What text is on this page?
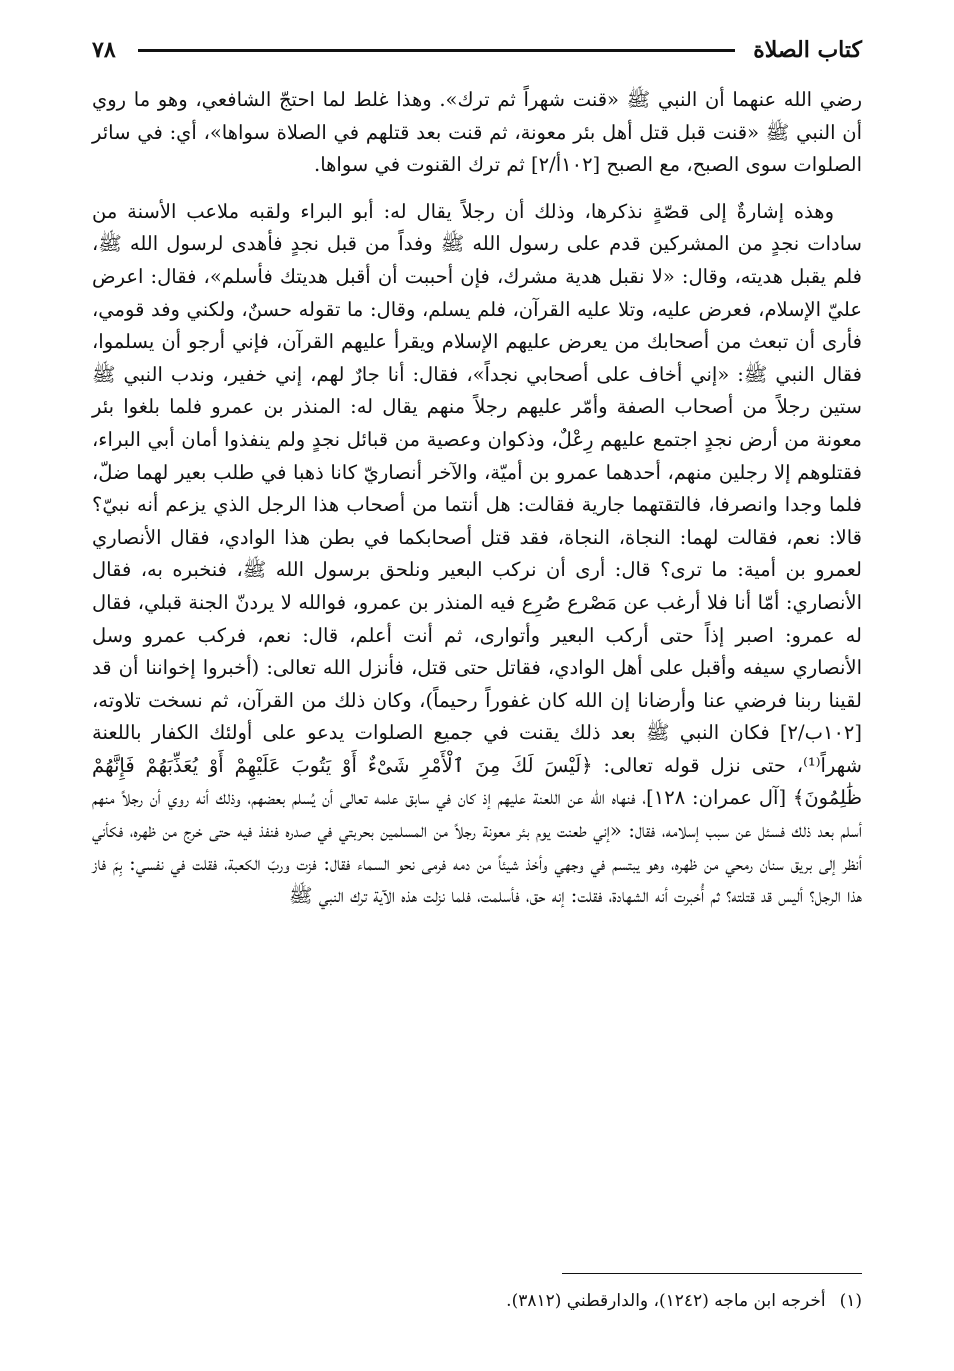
٧٨	كتاب الصلاة

رضي الله عنهما أن النبي ﷺ «قنت شهراً ثم ترك». وهذا غلط لما احتجّ الشافعي، وهو ما روي أن النبي ﷺ «قنت قبل قتل أهل بئر معونة، ثم قنت بعد قتلهم في الصلاة سواها»، أي: في سائر الصلوات سوى الصبح، مع الصبح [١٠٢أ/٢] ثم ترك القنوت في سواها.

وهذه إشارةٌ إلى قصّةٍ نذكرها، وذلك أن رجلاً يقال له: أبو البراء ولقبه ملاعب الأسنة من سادات نجدٍ من المشركين قدم على رسول الله ﷺ وفداً من قبل نجدٍ فأهدى لرسول الله ﷺ، فلم يقبل هديته، وقال: «لا نقبل هدية مشرك، فإن أحببت أن أقبل هديتك فأسلم»، فقال: اعرض عليّ الإسلام، فعرض عليه، وتلا عليه القرآن، فلم يسلم، وقال: ما تقوله حسنٌ، ولكني وفد قومي، فأرى أن تبعث من أصحابك من يعرض عليهم الإسلام ويقرأ عليهم القرآن، فإني أرجو أن يسلموا، فقال النبي ﷺ: «إني أخاف على أصحابي نجداً»، فقال: أنا جارٌ لهم، إني خفير، وندب النبي ﷺ ستين رجلاً من أصحاب الصفة وأمّر عليهم رجلاً منهم يقال له: المنذر بن عمرو فلما بلغوا بئر معونة من أرض نجدٍ اجتمع عليهم رِعْلٌ، وذكوان وعصية من قبائل نجدٍ ولم ينفذوا أمان أبي البراء، فقتلوهم إلا رجلين منهم، أحدهما عمرو بن أميّة، والآخر أنصاريّ كانا ذهبا في طلب بعير لهما ضلّ، فلما وجدا وانصرفا، فالتقتهما جارية فقالت: هل أنتما من أصحاب هذا الرجل الذي يزعم أنه نبيّ؟ قالا: نعم، فقالت لهما: النجاة، النجاة، فقد قتل أصحابكما في بطن هذا الوادي، فقال الأنصاري لعمرو بن أمية: ما ترى؟ قال: أرى أن نركب البعير ونلحق برسول الله ﷺ، فنخبره به، فقال الأنصاري: أمّا أنا فلا أرغب عن مَصْرع صُرِع فيه المنذر بن عمرو، فوالله لا يردنّ الجنة قبلي، فقال له عمرو: اصبر إذاً حتى أركب البعير وأتوارى، ثم أنت أعلم، قال: نعم، فركب عمرو وسل الأنصاري سيفه وأقبل على أهل الوادي، فقاتل حتى قتل، فأنزل الله تعالى: (أخبروا إخواننا أن قد لقينا ربنا فرضي عنا وأرضانا إن الله كان غفوراً رحيماً)، وكان ذلك من القرآن، ثم نسخت تلاوته، [١٠٢ب/٢] فكان النبي ﷺ بعد ذلك يقنت في جميع الصلوات يدعو على أولئك الكفار باللعنة شهراً⁽¹⁾، حتى نزل قوله تعالى: ﴿لَيْسَ لَكَ مِنَ ٱلْأَمْرِ شَىْءٌ أَوْ يَتُوبَ عَلَيْهِمْ أَوْ يُعَذِّبَهُمْ فَإِنَّهُمْ ظَٰلِمُونَ﴾ [آل عمران: ١٢٨]، فنهاه الله عن اللعنة عليهم إذ كان في سابق علمه تعالى أن يُسلم بعضهم، وذلك أنه روي أن رجلاً منهم أسلم بعد ذلك فسئل عن سبب إسلامه، فقال: «إني طعنت يوم بئر معونة رجلاً من المسلمين بحربتي في صدره فنفذ فيه حتى خرج من ظهره، فكأني أنظر إلى بريق سنان رمحي من ظهره، وهو يبتسم في وجهي وأخذ شيئاً من دمه فرمى نحو السماء فقال: فزت وربّ الكعبة، فقلت في نفسي: بِمَ فاز هذا الرجل؟ أليس قد قتلته؟ ثم أُخبرت أنه الشهادة، فقلت: إنه حق، فأسلمت، فلما نزلت هذه الآية ترك النبي ﷺ

(١)أخرجه ابن ماجه (١٢٤٢)، والدارقطني (٣٨١٢).
